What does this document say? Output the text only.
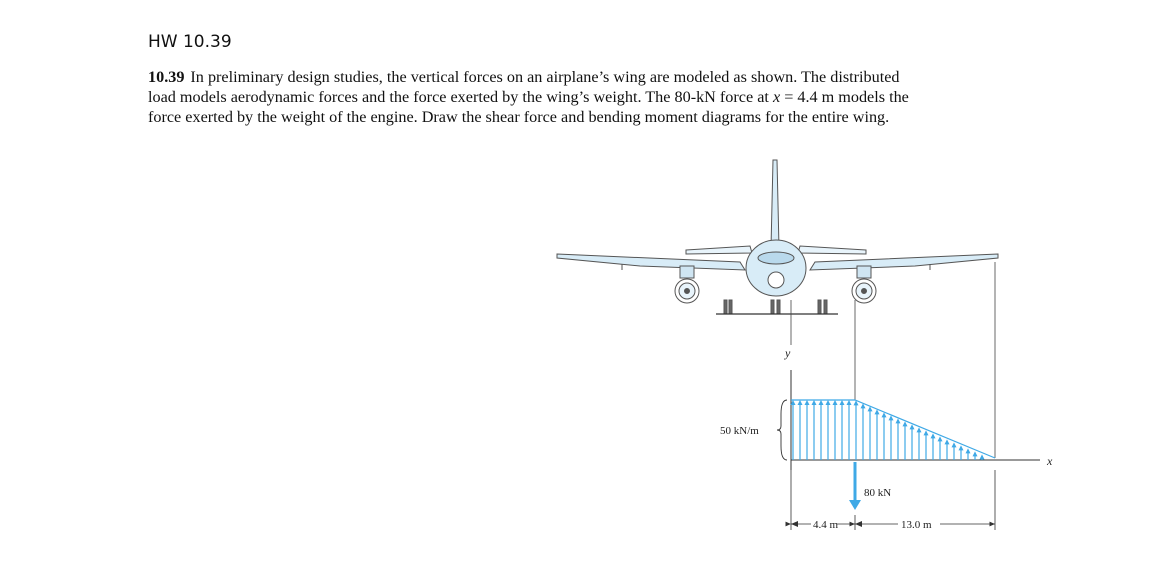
HW 10.39
10.39 In preliminary design studies, the vertical forces on an airplane’s wing are modeled as shown. The distributed
load models aerodynamic forces and the force exerted by the wing’s weight. The 80-kN force at x = 4.4 m models the
force exerted by the weight of the engine. Draw the shear force and bending moment diagrams for the entire wing.
y
x
50 kN/m
80 kN
4.4 m	13.0 m
